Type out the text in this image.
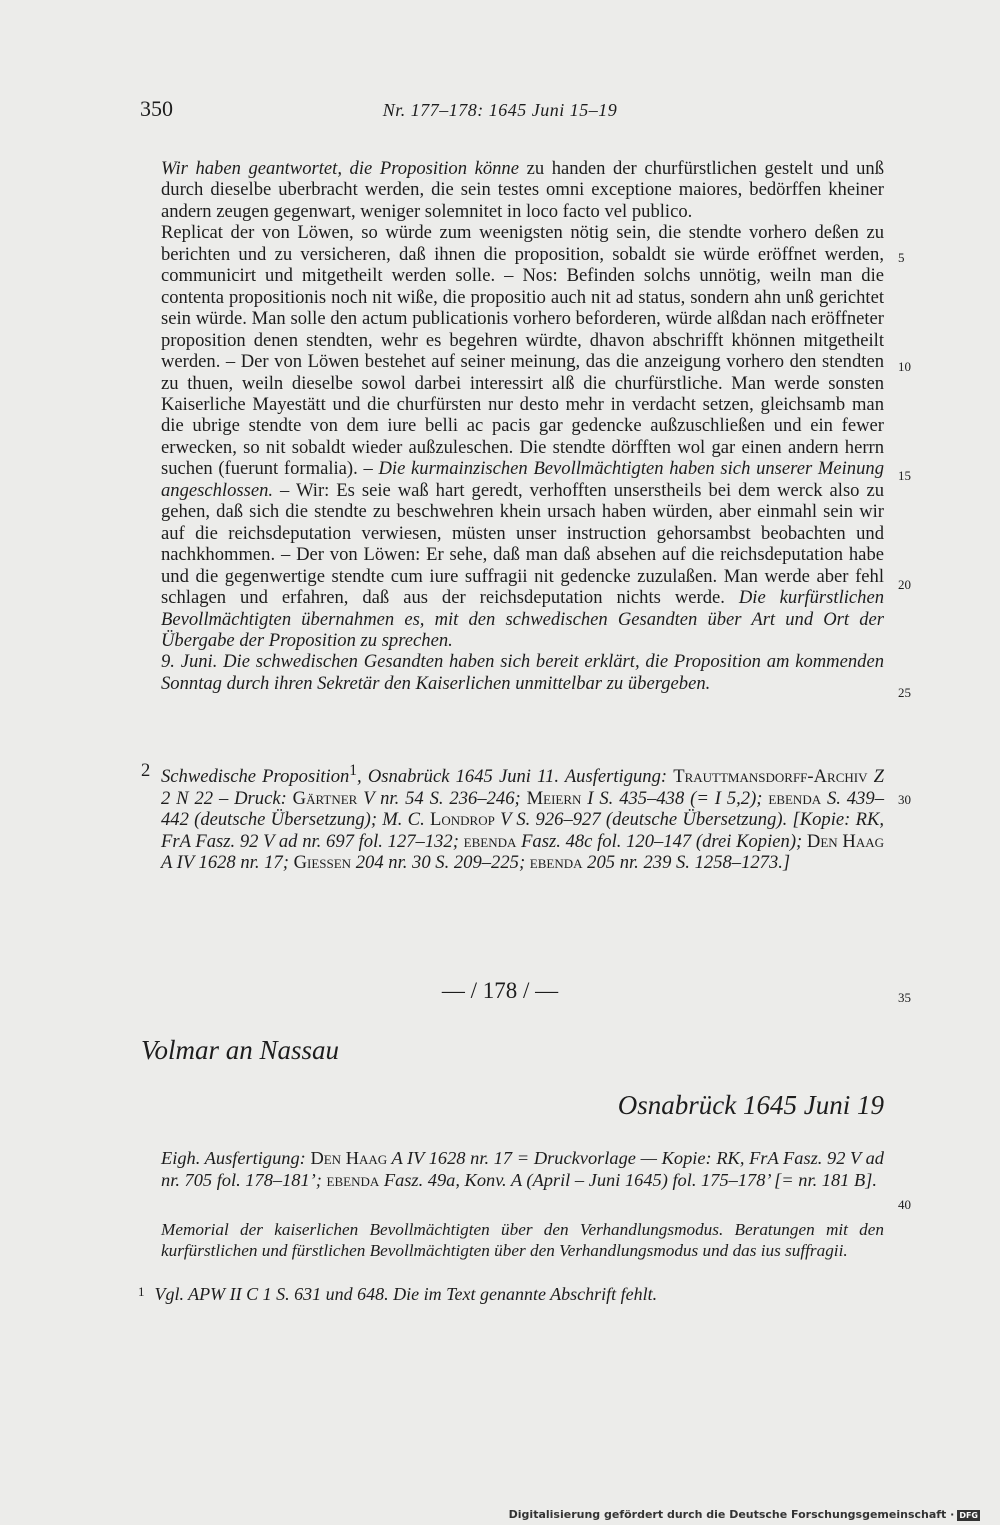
350	Nr. 177–178: 1645 Juni 15–19

Wir haben geantwortet, die Proposition könne zu handen der churfürstlichen gestelt und unß durch dieselbe uberbracht werden, die sein testes omni exceptione maiores, bedörffen kheiner andern zeugen gegenwart, weniger solemnitet in loco facto vel publico.

Replicat der von Löwen, so würde zum weenigsten nötig sein, die stendte vorhero deßen zu berichten und zu versicheren, daß ihnen die proposition, sobaldt sie würde eröffnet werden, communicirt und mitgetheilt werden solle. – Nos: Befinden solchs unnötig, weiln man die contenta propositionis noch nit wiße, die propositio auch nit ad status, sondern ahn unß gerichtet sein würde. Man solle den actum publicationis vorhero beforderen, würde alßdan nach eröffneter proposition denen stendten, wehr es begehren würdte, dhavon abschrifft khönnen mitgetheilt werden. – Der von Löwen bestehet auf seiner meinung, das die anzeigung vorhero den stendten zu thuen, weiln dieselbe sowol darbei interessirt alß die churfürstliche. Man werde sonsten Kaiserliche Mayestätt und die churfürsten nur desto mehr in verdacht setzen, gleichsamb man die ubrige stendte von dem iure belli ac pacis gar gedencke außzuschließen und ein fewer erwecken, so nit sobaldt wieder außzuleschen. Die stendte dörfften wol gar einen andern herrn suchen (fuerunt formalia). – Die kurmainzischen Bevollmächtigten haben sich unserer Meinung angeschlossen. – Wir: Es seie waß hart geredt, verhofften unserstheils bei dem werck also zu gehen, daß sich die stendte zu beschwehren khein ursach haben würden, aber einmahl sein wir auf die reichsdeputation verwiesen, müsten unser instruction gehorsambst beobachten und nachkhommen. – Der von Löwen: Er sehe, daß man daß absehen auf die reichsdeputation habe und die gegenwertige stendte cum iure suffragii nit gedencke zuzulaßen. Man werde aber fehl schlagen und erfahren, daß aus der reichsdeputation nichts werde. Die kurfürstlichen Bevollmächtigten übernahmen es, mit den schwedischen Gesandten über Art und Ort der Übergabe der Proposition zu sprechen.

9. Juni. Die schwedischen Gesandten haben sich bereit erklärt, die Proposition am kommenden Sonntag durch ihren Sekretär den Kaiserlichen unmittelbar zu übergeben.

2 Schwedische Proposition$^1$, Osnabrück 1645 Juni 11. Ausfertigung: Trauttmansdorff-Archiv Z 2 N 22 – Druck: Gärtner V nr. 54 S. 236–246; Meiern I S. 435–438 (= I 5,2); ebenda S. 439–442 (deutsche Übersetzung); M. C. Londrop V S. 926–927 (deutsche Übersetzung). [Kopie: RK, FrA Fasz. 92 V ad nr. 697 fol. 127–132; ebenda Fasz. 48c fol. 120–147 (drei Kopien); Den Haag A IV 1628 nr. 17; Giessen 204 nr. 30 S. 209–225; ebenda 205 nr. 239 S. 1258–1273.]
5
10
15
20
25
30
35
40
— / 178 / —
Volmar an Nassau
Osnabrück 1645 Juni 19
Eigh. Ausfertigung: Den Haag A IV 1628 nr. 17 = Druckvorlage — Kopie: RK, FrA Fasz. 92 V ad nr. 705 fol. 178–181’; ebenda Fasz. 49a, Konv. A (April – Juni 1645) fol. 175–178’ [= nr. 181 B].
Memorial der kaiserlichen Bevollmächtigten über den Verhandlungsmodus. Beratungen mit den kurfürstlichen und fürstlichen Bevollmächtigten über den Verhandlungsmodus und das ius suffragii.
$^1$ Vgl. APW II C 1 S. 631 und 648. Die im Text genannte Abschrift fehlt.
Digitalisierung gefördert durch die Deutsche Forschungsgemeinschaft · DFG
